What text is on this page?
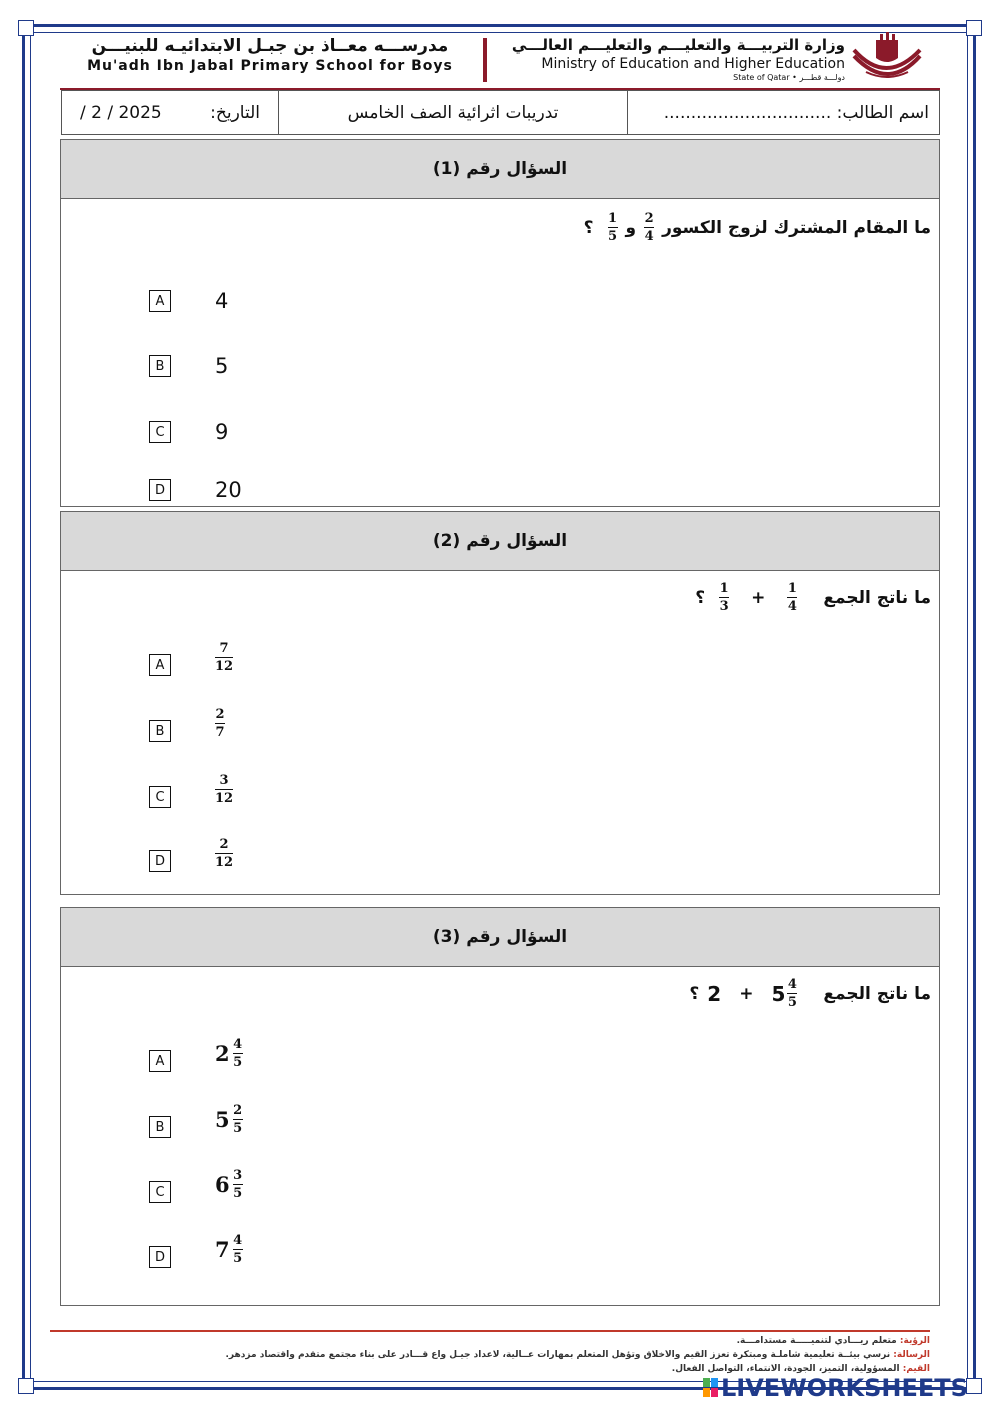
مدرســـه معــاذ بن جبـل الابتدائيـه للبنيـــن
Mu'adh Ibn Jabal Primary School for Boys
وزارة التربيـــة والتعليـــم والتعليـــم العالـــي
Ministry of Education and Higher Education
State of Qatar • دولـــة قطـــر
اسم الطالب: ...............................
تدريبات اثرائية الصف الخامس
التاريخ:
/ 2 / 2025
السؤال رقم (1)
ما المقام المشترك لزوج الكسور
$\frac{2}{4}$
و
$\frac{1}{5}$
؟
A	4
B	5
C	9
D 20
السؤال رقم (2)
ما ناتج الجمع
$\frac{1}{4}$
+
$\frac{1}{3}$
؟
A	$\frac{7}{12}$
B	$\frac{2}{7}$
C	$\frac{3}{12}$
D	$\frac{2}{12}$
السؤال رقم (3)
ما ناتج الجمع
$\frac{4}{5}$
5
+
2
؟
A	$2 \frac{4}{5}$
B	$5 \frac{2}{5}$
C	$6 \frac{3}{5}$
D $7 \frac{4}{5}$
الرؤية: متعلم ريـــادي لتنميـــــة مستدامـــة.
الرسالة: نرسي بيئــة تعليمية شاملـة ومبتكرة تعزز القيم والأخلاق وتؤهل المتعلم بمهارات عــالية، لاعداد جيـل واع قـــادر على بناء مجتمع متقدم واقتصاد مزدهر.
القيم: المسؤولية، التميز، الجودة، الانتماء، التواصل الفعال.
LIVEWORKSHEETS
